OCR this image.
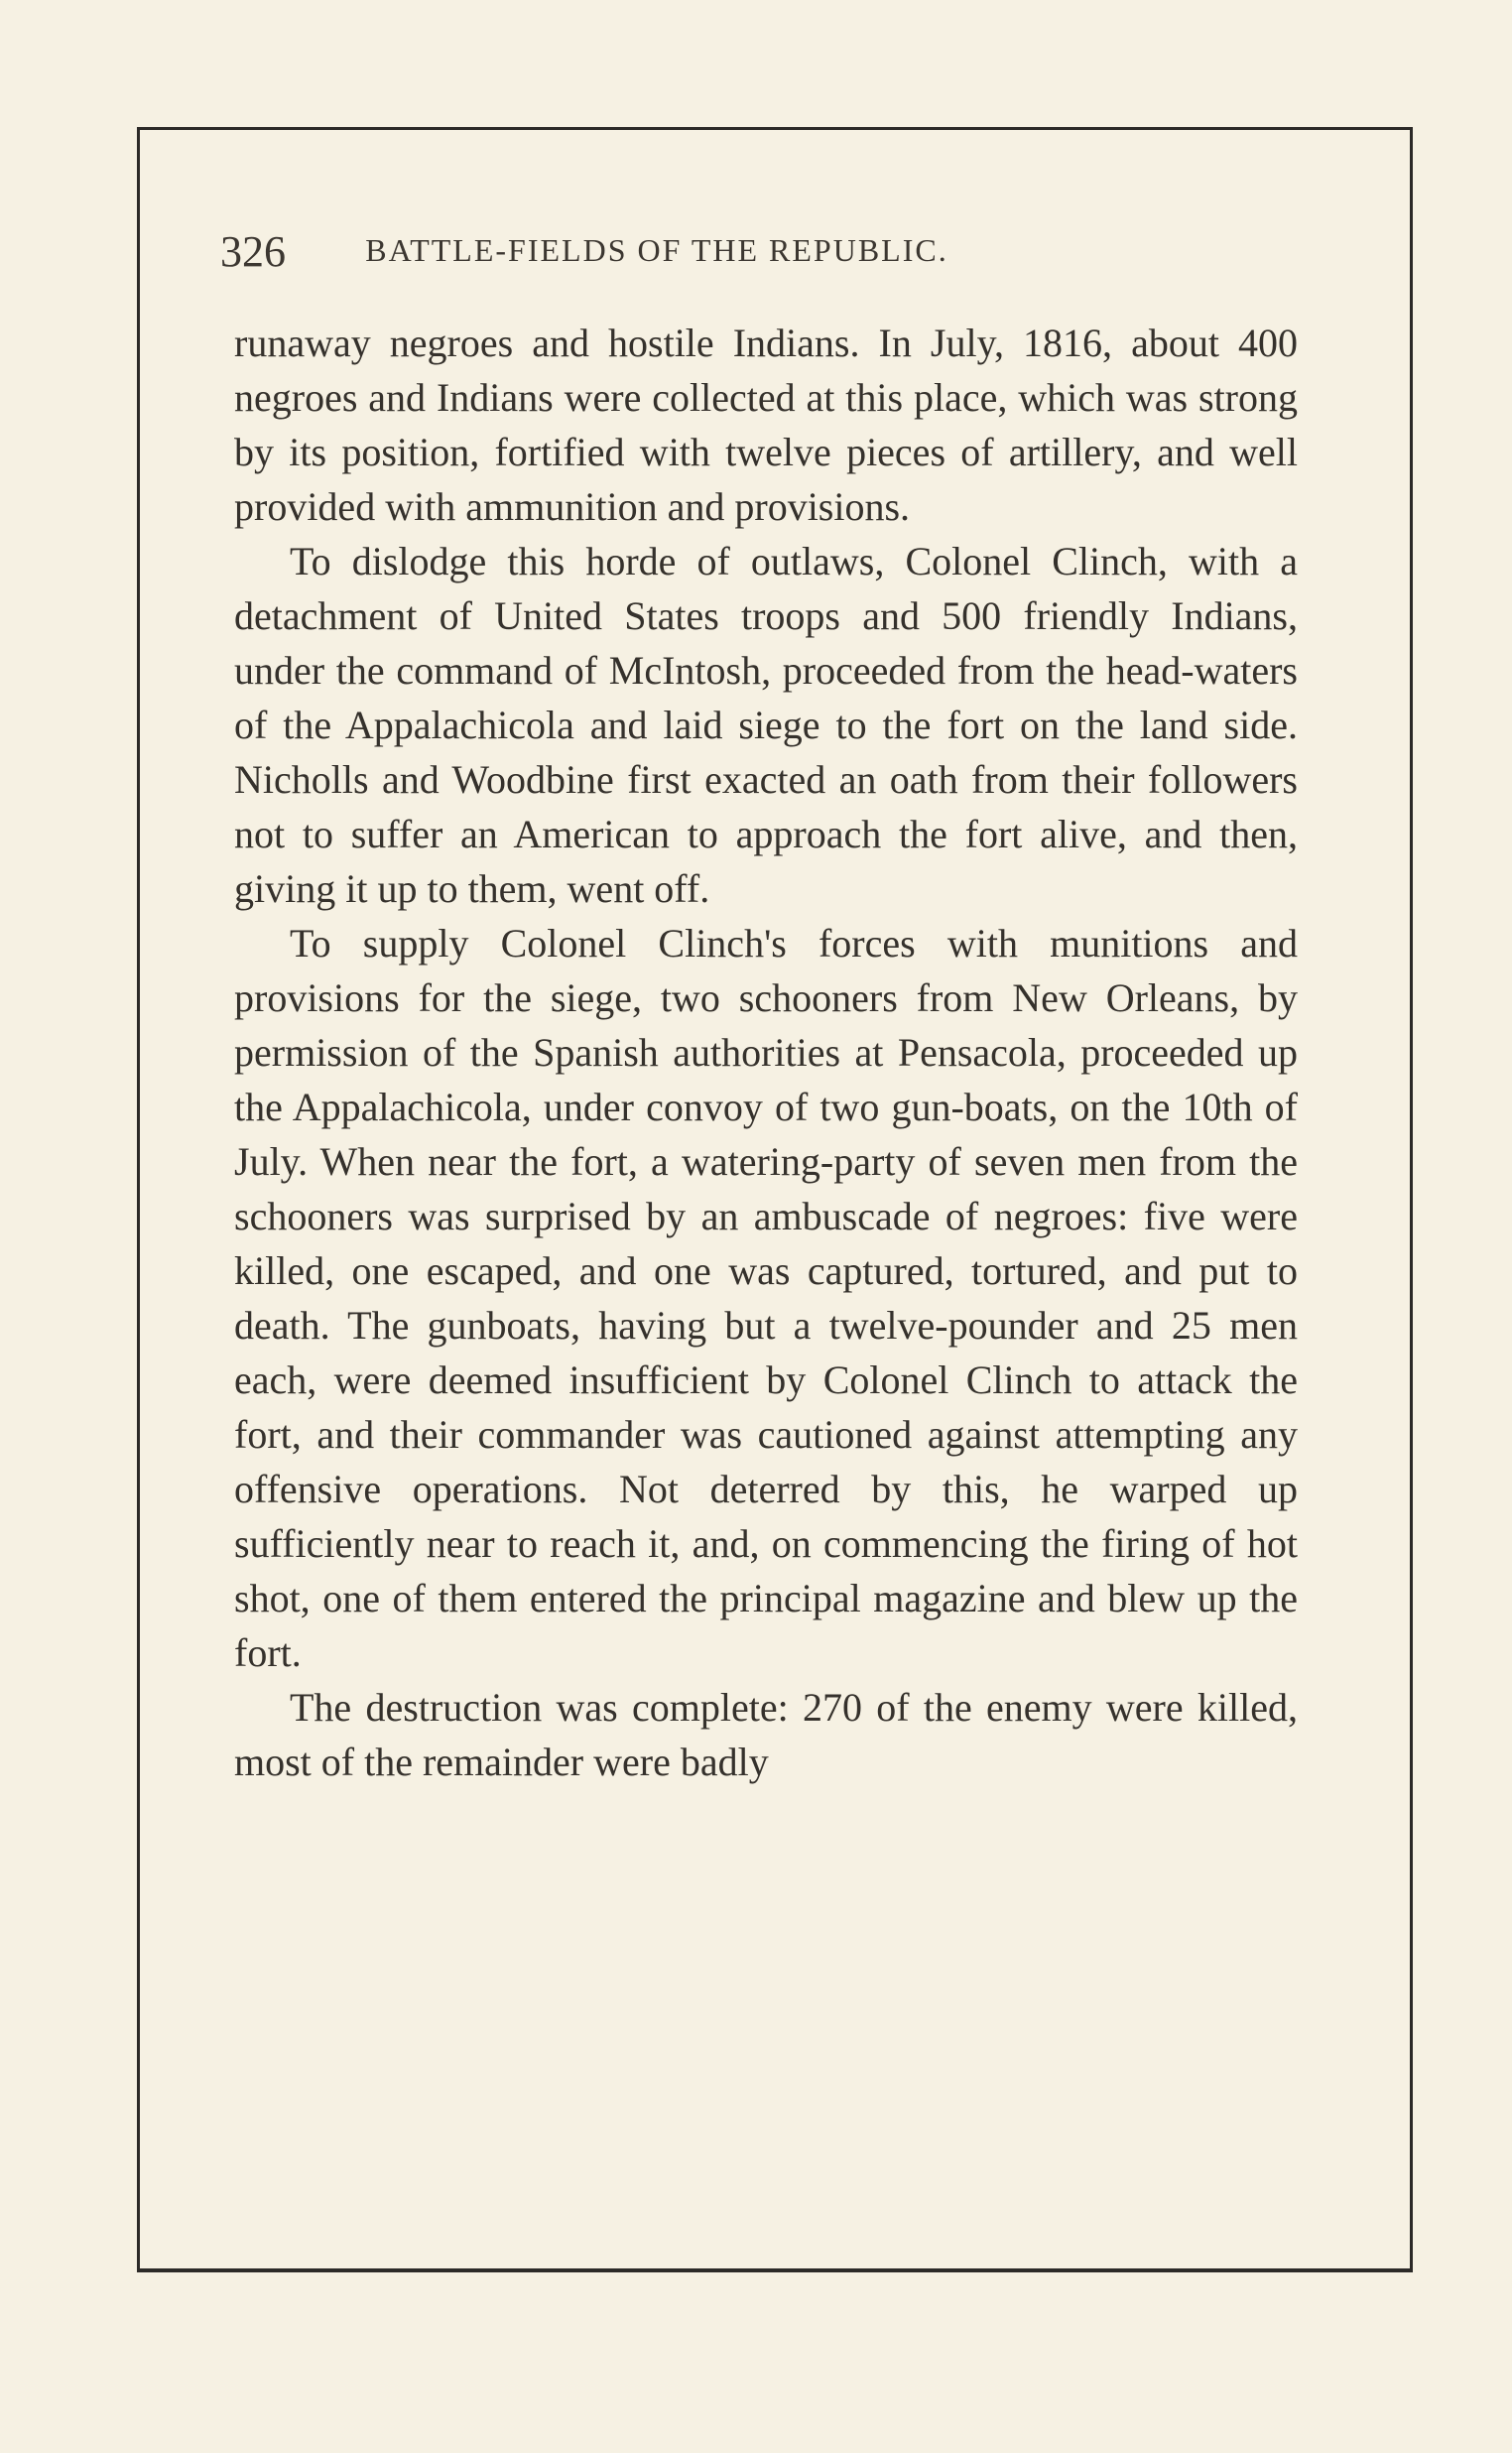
326	BATTLE-FIELDS OF THE REPUBLIC.

runaway negroes and hostile Indians. In July, 1816, about 400 negroes and Indians were collected at this place, which was strong by its position, fortified with twelve pieces of artillery, and well provided with ammunition and provisions.

To dislodge this horde of outlaws, Colonel Clinch, with a detachment of United States troops and 500 friendly Indians, under the command of McIntosh, proceeded from the head-waters of the Appalachicola and laid siege to the fort on the land side. Nicholls and Woodbine first exacted an oath from their followers not to suffer an American to approach the fort alive, and then, giving it up to them, went off.

To supply Colonel Clinch's forces with munitions and provisions for the siege, two schooners from New Orleans, by permission of the Spanish authorities at Pensacola, proceeded up the Appalachicola, under convoy of two gun-boats, on the 10th of July. When near the fort, a watering-party of seven men from the schooners was surprised by an ambuscade of negroes: five were killed, one escaped, and one was captured, tortured, and put to death. The gunboats, having but a twelve-pounder and 25 men each, were deemed insufficient by Colonel Clinch to attack the fort, and their commander was cautioned against attempting any offensive operations. Not deterred by this, he warped up sufficiently near to reach it, and, on commencing the firing of hot shot, one of them entered the principal magazine and blew up the fort.

The destruction was complete: 270 of the enemy were killed, most of the remainder were badly
